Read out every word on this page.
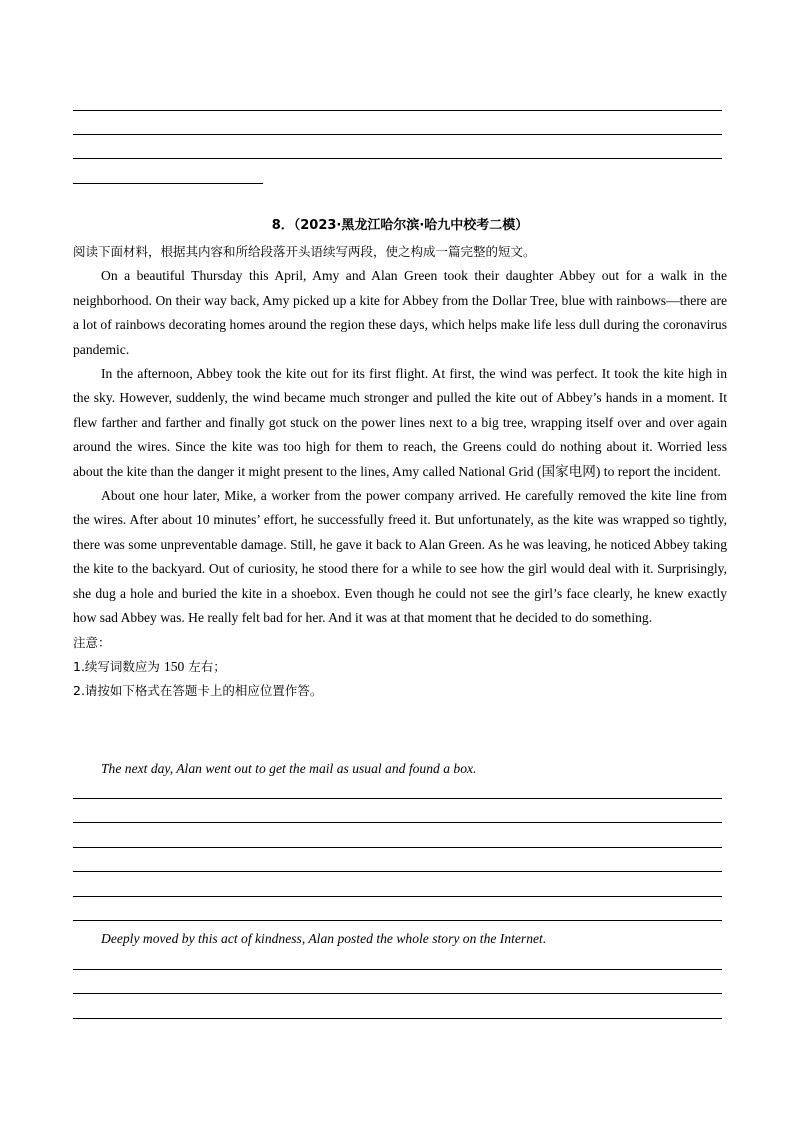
8．（2023·黑龙江哈尔滨·哈九中校考二模）

阅读下面材料，根据其内容和所给段落开头语续写两段，使之构成一篇完整的短文。

On a beautiful Thursday this April, Amy and Alan Green took their daughter Abbey out for a walk in the neighborhood. On their way back, Amy picked up a kite for Abbey from the Dollar Tree, blue with rainbows—there are a lot of rainbows decorating homes around the region these days, which helps make life less dull during the coronavirus pandemic.

In the afternoon, Abbey took the kite out for its first flight. At first, the wind was perfect. It took the kite high in the sky. However, suddenly, the wind became much stronger and pulled the kite out of Abbey’s hands in a moment. It flew farther and farther and finally got stuck on the power lines next to a big tree, wrapping itself over and over again around the wires. Since the kite was too high for them to reach, the Greens could do nothing about it. Worried less about the kite than the danger it might present to the lines, Amy called National Grid (国家电网) to report the incident.

About one hour later, Mike, a worker from the power company arrived. He carefully removed the kite line from the wires. After about 10 minutes’ effort, he successfully freed it. But unfortunately, as the kite was wrapped so tightly, there was some unpreventable damage. Still, he gave it back to Alan Green. As he was leaving, he noticed Abbey taking the kite to the backyard. Out of curiosity, he stood there for a while to see how the girl would deal with it. Surprisingly, she dug a hole and buried the kite in a shoebox. Even though he could not see the girl’s face clearly, he knew exactly how sad Abbey was. He really felt bad for her. And it was at that moment that he decided to do something.

注意：

1.续写词数应为 150 左右；

2.请按如下格式在答题卡上的相应位置作答。

The next day, Alan went out to get the mail as usual and found a box.
Deeply moved by this act of kindness, Alan posted the whole story on the Internet.
